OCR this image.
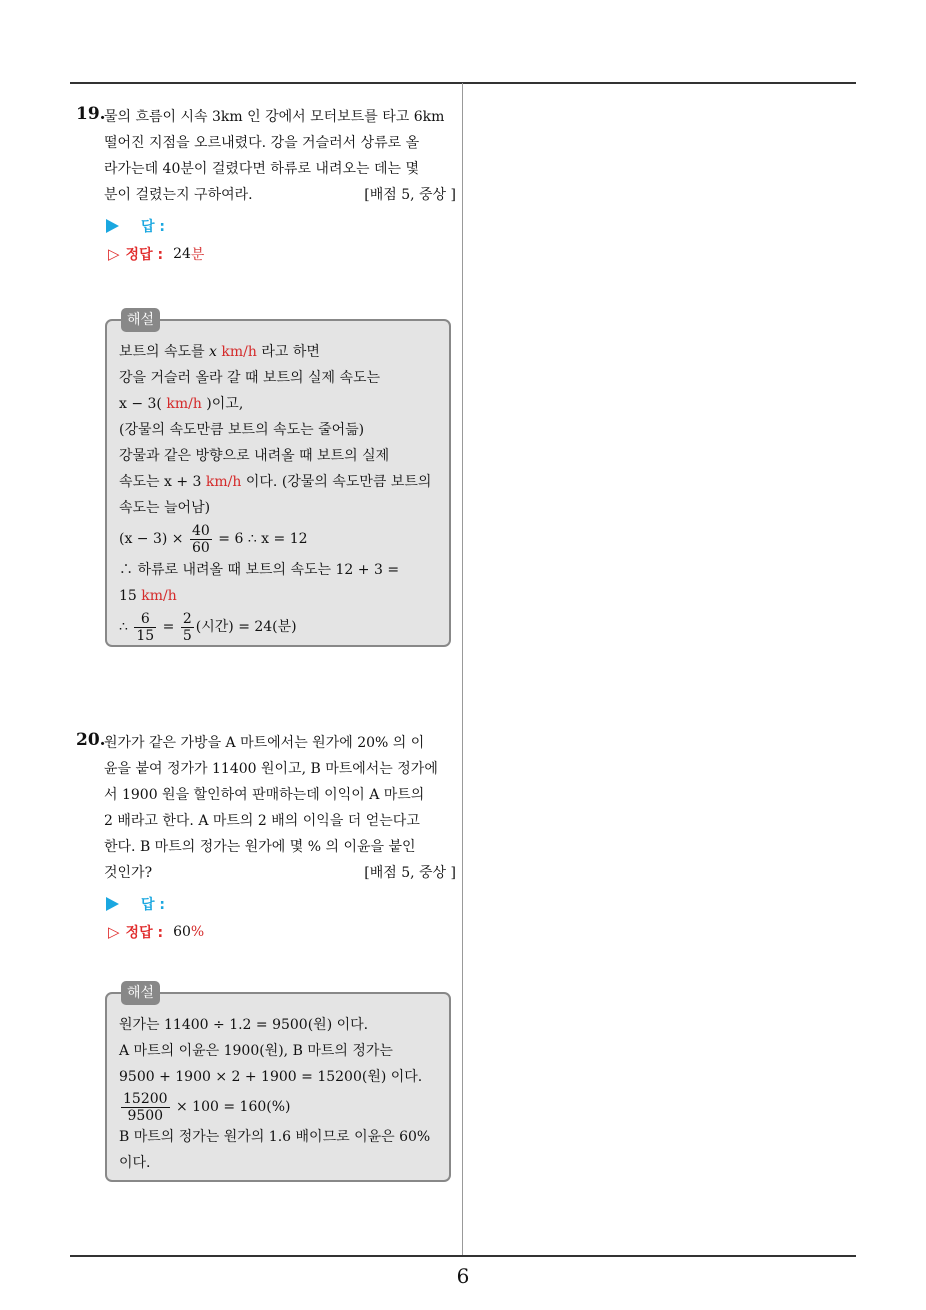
19.
물의 흐름이 시속 3km 인 강에서 모터보트를 타고 6km
떨어진 지점을 오르내렸다. 강을 거슬러서 상류로 올
라가는데 40분이 걸렸다면 하류로 내려오는 데는 몇
분이 걸렸는지 구하여라.	[배점 5, 중상 ]
답 :
▷ 정답 : 24 분
해설
보트의 속도를 x km/h 라고 하면
강을 거슬러 올라 갈 때 보트의 실제 속도는
x − 3( km/h )이고,
(강물의 속도만큼 보트의 속도는 줄어듦)
강물과 같은 방향으로 내려올 때 보트의 실제
속도는 x + 3 km/h 이다. (강물의 속도만큼 보트의
속도는 늘어남)
$(x - 3) \times \frac{40}{60} = 6$ ∴ x = 12
∴ 하류로 내려올 때 보트의 속도는 12 + 3 =
15 km/h
∴ $\frac{6}{15} = \frac{2}{5}$ (시간) = 24(분)
20.
원가가 같은 가방을 A 마트에서는 원가에 20% 의 이
윤을 붙여 정가가 11400 원이고, B 마트에서는 정가에
서 1900 원을 할인하여 판매하는데 이익이 A 마트의
2 배라고 한다. A 마트의 2 배의 이익을 더 얻는다고
한다. B 마트의 정가는 원가에 몇 % 의 이윤을 붙인
것인가?	[배점 5, 중상 ]
답 :
▷ 정답 : 60 %
해설
원가는 11400 ÷ 1.2 = 9500(원) 이다.
A 마트의 이윤은 1900(원), B 마트의 정가는
9500 + 1900 × 2 + 1900 = 15200(원) 이다.
$\frac{15200}{9500} \times 100 = 160(\%)$
B 마트의 정가는 원가의 1.6 배이므로 이윤은 60%
이다.
6
